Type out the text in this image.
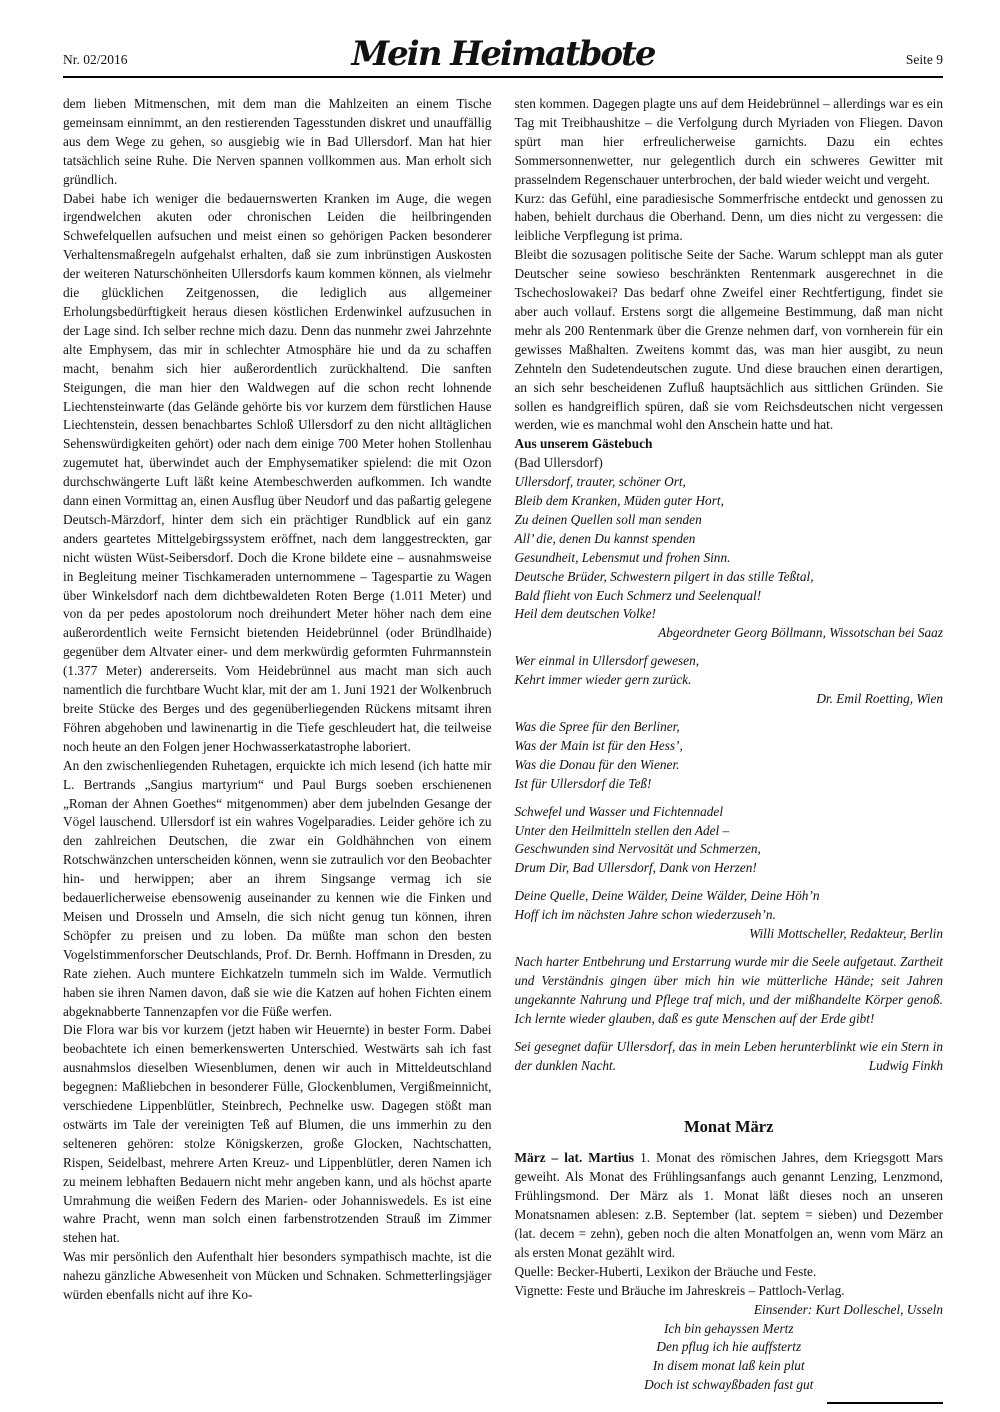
Nr. 02/2016	Mein Heimatbote	Seite 9

dem lieben Mitmenschen, mit dem man die Mahlzeiten an einem Tische gemeinsam einnimmt, an den restierenden Tagesstunden diskret und unauffällig aus dem Wege zu gehen, so ausgiebig wie in Bad Ullersdorf. Man hat hier tatsächlich seine Ruhe. Die Nerven spannen vollkommen aus. Man erholt sich gründlich.

Dabei habe ich weniger die bedauernswerten Kranken im Auge, die wegen irgendwelchen akuten oder chronischen Leiden die heilbringenden Schwefelquellen aufsuchen und meist einen so gehörigen Packen besonderer Verhaltensmaßregeln aufgehalst erhalten, daß sie zum inbrünstigen Auskosten der weiteren Naturschönheiten Ullersdorfs kaum kommen können, als vielmehr die glücklichen Zeitgenossen, die lediglich aus allgemeiner Erholungsbedürftigkeit heraus diesen köstlichen Erdenwinkel aufzusuchen in der Lage sind. Ich selber rechne mich dazu. Denn das nunmehr zwei Jahrzehnte alte Emphysem, das mir in schlechter Atmosphäre hie und da zu schaffen macht, benahm sich hier außerordentlich zurückhaltend. Die sanften Steigungen, die man hier den Waldwegen auf die schon recht lohnende Liechtensteinwarte (das Gelände gehörte bis vor kurzem dem fürstlichen Hause Liechtenstein, dessen benachbartes Schloß Ullersdorf zu den nicht alltäglichen Sehenswürdigkeiten gehört) oder nach dem einige 700 Meter hohen Stollenhau zugemutet hat, überwindet auch der Emphysematiker spielend: die mit Ozon durchschwängerte Luft läßt keine Atembeschwerden aufkommen. Ich wandte dann einen Vormittag an, einen Ausflug über Neudorf und das paßartig gelegene Deutsch-Märzdorf, hinter dem sich ein prächtiger Rundblick auf ein ganz anders geartetes Mittelgebirgssystem eröffnet, nach dem langgestreckten, gar nicht wüsten Wüst-Seibersdorf. Doch die Krone bildete eine – ausnahmsweise in Begleitung meiner Tischkameraden unternommene – Tagespartie zu Wagen über Winkelsdorf nach dem dichtbewaldeten Roten Berge (1.011 Meter) und von da per pedes apostolorum noch dreihundert Meter höher nach dem eine außerordentlich weite Fernsicht bietenden Heidebrünnel (oder Bründlhaide) gegenüber dem Altvater einer- und dem merkwürdig geformten Fuhrmannstein (1.377 Meter) andererseits. Vom Heidebrünnel aus macht man sich auch namentlich die furchtbare Wucht klar, mit der am 1. Juni 1921 der Wolkenbruch breite Stücke des Berges und des gegenüberliegenden Rückens mitsamt ihren Föhren abgehoben und lawinenartig in die Tiefe geschleudert hat, die teilweise noch heute an den Folgen jener Hochwasserkatastrophe laboriert.

An den zwischenliegenden Ruhetagen, erquickte ich mich lesend (ich hatte mir L. Bertrands „Sangius martyrium“ und Paul Burgs soeben erschienenen „Roman der Ahnen Goethes“ mitgenommen) aber dem jubelnden Gesange der Vögel lauschend. Ullersdorf ist ein wahres Vogelparadies. Leider gehöre ich zu den zahlreichen Deutschen, die zwar ein Goldhähnchen von einem Rotschwänzchen unterscheiden können, wenn sie zutraulich vor den Beobachter hin- und herwippen; aber an ihrem Singsange vermag ich sie bedauerlicherweise ebensowenig auseinander zu kennen wie die Finken und Meisen und Drosseln und Amseln, die sich nicht genug tun können, ihren Schöpfer zu preisen und zu loben. Da müßte man schon den besten Vogelstimmenforscher Deutschlands, Prof. Dr. Bernh. Hoffmann in Dresden, zu Rate ziehen. Auch muntere Eichkatzeln tummeln sich im Walde. Vermutlich haben sie ihren Namen davon, daß sie wie die Katzen auf hohen Fichten einem abgeknabberte Tannenzapfen vor die Füße werfen.

Die Flora war bis vor kurzem (jetzt haben wir Heuernte) in bester Form. Dabei beobachtete ich einen bemerkenswerten Unterschied. Westwärts sah ich fast ausnahmslos dieselben Wiesenblumen, denen wir auch in Mitteldeutschland begegnen: Maßliebchen in besonderer Fülle, Glockenblumen, Vergißmeinnicht, verschiedene Lippenblütler, Steinbrech, Pechnelke usw. Dagegen stößt man ostwärts im Tale der vereinigten Teß auf Blumen, die uns immerhin zu den selteneren gehören: stolze Königskerzen, große Glocken, Nachtschatten, Rispen, Seidelbast, mehrere Arten Kreuz- und Lippenblütler, deren Namen ich zu meinem lebhaften Bedauern nicht mehr angeben kann, und als höchst aparte Umrahmung die weißen Federn des Marien- oder Johanniswedels. Es ist eine wahre Pracht, wenn man solch einen farbenstrotzenden Strauß im Zimmer stehen hat.

Was mir persönlich den Aufenthalt hier besonders sympathisch machte, ist die nahezu gänzliche Abwesenheit von Mücken und Schnaken. Schmetterlingsjäger würden ebenfalls nicht auf ihre Ko-

sten kommen. Dagegen plagte uns auf dem Heidebrünnel – allerdings war es ein Tag mit Treibhaushitze – die Verfolgung durch Myriaden von Fliegen. Davon spürt man hier erfreulicherweise garnichts. Dazu ein echtes Sommersonnenwetter, nur gelegentlich durch ein schweres Gewitter mit prasselndem Regenschauer unterbrochen, der bald wieder weicht und vergeht.

Kurz: das Gefühl, eine paradiesische Sommerfrische entdeckt und genossen zu haben, behielt durchaus die Oberhand. Denn, um dies nicht zu vergessen: die leibliche Verpflegung ist prima.

Bleibt die sozusagen politische Seite der Sache. Warum schleppt man als guter Deutscher seine sowieso beschränkten Rentenmark ausgerechnet in die Tschechoslowakei? Das bedarf ohne Zweifel einer Rechtfertigung, findet sie aber auch vollauf. Erstens sorgt die allgemeine Bestimmung, daß man nicht mehr als 200 Rentenmark über die Grenze nehmen darf, von vornherein für ein gewisses Maßhalten. Zweitens kommt das, was man hier ausgibt, zu neun Zehnteln den Sudetendeutschen zugute. Und diese brauchen einen derartigen, an sich sehr bescheidenen Zufluß hauptsächlich aus sittlichen Gründen. Sie sollen es handgreiflich spüren, daß sie vom Reichsdeutschen nicht vergessen werden, wie es manchmal wohl den Anschein hatte und hat.

Aus unserem Gästebuch

(Bad Ullersdorf)

Ullersdorf, trauter, schöner Ort,
Bleib dem Kranken, Müden guter Hort,
Zu deinen Quellen soll man senden
All’ die, denen Du kannst spenden
Gesundheit, Lebensmut und frohen Sinn.
Deutsche Brüder, Schwestern pilgert in das stille Teßtal,
Bald flieht von Euch Schmerz und Seelenqual!
Heil dem deutschen Volke!
Abgeordneter Georg Böllmann, Wissotschan bei Saaz
Wer einmal in Ullersdorf gewesen,
Kehrt immer wieder gern zurück.
Dr. Emil Roetting, Wien
Was die Spree für den Berliner,
Was der Main ist für den Hess’,
Was die Donau für den Wiener.
Ist für Ullersdorf die Teß!
Schwefel und Wasser und Fichtennadel
Unter den Heilmitteln stellen den Adel –
Geschwunden sind Nervosität und Schmerzen,
Drum Dir, Bad Ullersdorf, Dank von Herzen!
Deine Quelle, Deine Wälder, Deine Wälder, Deine Höh’n
Hoff ich im nächsten Jahre schon wiederzuseh’n.
Willi Mottscheller, Redakteur, Berlin

Nach harter Entbehrung und Erstarrung wurde mir die Seele aufgetaut. Zartheit und Verständnis gingen über mich hin wie mütterliche Hände; seit Jahren ungekannte Nahrung und Pflege traf mich, und der mißhandelte Körper genoß. Ich lernte wieder glauben, daß es gute Menschen auf der Erde gibt!

Sei gesegnet dafür Ullersdorf, das in mein Leben herunterblinkt wie ein Stern in der dunklen Nacht.	Ludwig Finkh
Monat März

März – lat. Martius 1. Monat des römischen Jahres, dem Kriegsgott Mars geweiht. Als Monat des Frühlingsanfangs auch genannt Lenzing, Lenzmond, Frühlingsmond. Der März als 1. Monat läßt dieses noch an unseren Monatsnamen ablesen: z.B. September (lat. septem = sieben) und Dezember (lat. decem = zehn), geben noch die alten Monatfolgen an, wenn vom März an als ersten Monat gezählt wird.

Quelle: Becker-Huberti, Lexikon der Bräuche und Feste.

Vignette: Feste und Bräuche im Jahreskreis – Pattloch-Verlag.

Einsender: Kurt Dolleschel, Usseln
Ich bin gehayssen Mertz
Den pflug ich hie auffstertz
In disem monat laß kein plut
Doch ist schwayßbaden fast gut
